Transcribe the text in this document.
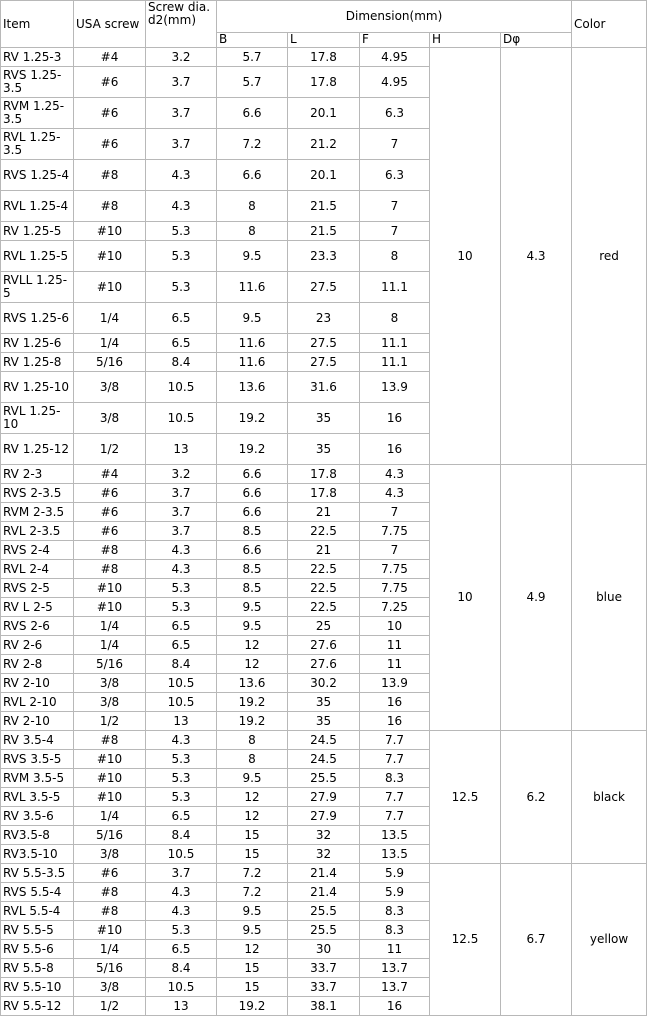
Item	USA screw	Screw dia.d2(mm)	Dimension(mm)					Color
			B	L	F	H	Dφ	
RV 1.25-3	#4	3.2	5.7	17.8	4.95	10	4.3	red
RVS 1.25-3.5	#6	3.7	5.7	17.8	4.95			
RVM 1.25-3.5	#6	3.7	6.6	20.1	6.3			
RVL 1.25-3.5	#6	3.7	7.2	21.2	7			
RVS 1.25-4	#8	4.3	6.6	20.1	6.3			
RVL 1.25-4	#8	4.3	8	21.5	7			
RV 1.25-5	#10	5.3	8	21.5	7			
RVL 1.25-5	#10	5.3	9.5	23.3	8			
RVLL 1.25-5	#10	5.3	11.6	27.5	11.1			
RVS 1.25-6	1/4	6.5	9.5	23	8			
RV 1.25-6	1/4	6.5	11.6	27.5	11.1			
RV 1.25-8	5/16	8.4	11.6	27.5	11.1			
RV 1.25-10	3/8	10.5	13.6	31.6	13.9			
RVL 1.25-10	3/8	10.5	19.2	35	16			
RV 1.25-12	1/2	13	19.2	35	16			
RV 2-3	#4	3.2	6.6	17.8	4.3	10	4.9	blue
RVS 2-3.5	#6	3.7	6.6	17.8	4.3			
RVM 2-3.5	#6	3.7	6.6	21	7			
RVL 2-3.5	#6	3.7	8.5	22.5	7.75			
RVS 2-4	#8	4.3	6.6	21	7			
RVL 2-4	#8	4.3	8.5	22.5	7.75			
RVS 2-5	#10	5.3	8.5	22.5	7.75			
RV L 2-5	#10	5.3	9.5	22.5	7.25			
RVS 2-6	1/4	6.5	9.5	25	10			
RV 2-6	1/4	6.5	12	27.6	11			
RV 2-8	5/16	8.4	12	27.6	11			
RV 2-10	3/8	10.5	13.6	30.2	13.9			
RVL 2-10	3/8	10.5	19.2	35	16			
RV 2-10	1/2	13	19.2	35	16			
RV 3.5-4	#8	4.3	8	24.5	7.7	12.5	6.2	black
RVS 3.5-5	#10	5.3	8	24.5	7.7			
RVM 3.5-5	#10	5.3	9.5	25.5	8.3			
RVL 3.5-5	#10	5.3	12	27.9	7.7			
RV 3.5-6	1/4	6.5	12	27.9	7.7			
RV3.5-8	5/16	8.4	15	32	13.5			
RV3.5-10	3/8	10.5	15	32	13.5			
RV 5.5-3.5	#6	3.7	7.2	21.4	5.9	12.5	6.7	yellow
RVS 5.5-4	#8	4.3	7.2	21.4	5.9			
RVL 5.5-4	#8	4.3	9.5	25.5	8.3			
RV 5.5-5	#10	5.3	9.5	25.5	8.3			
RV 5.5-6	1/4	6.5	12	30	11			
RV 5.5-8	5/16	8.4	15	33.7	13.7			
RV 5.5-10	3/8	10.5	15	33.7	13.7			
RV 5.5-12	1/2	13	19.2	38.1	16			
